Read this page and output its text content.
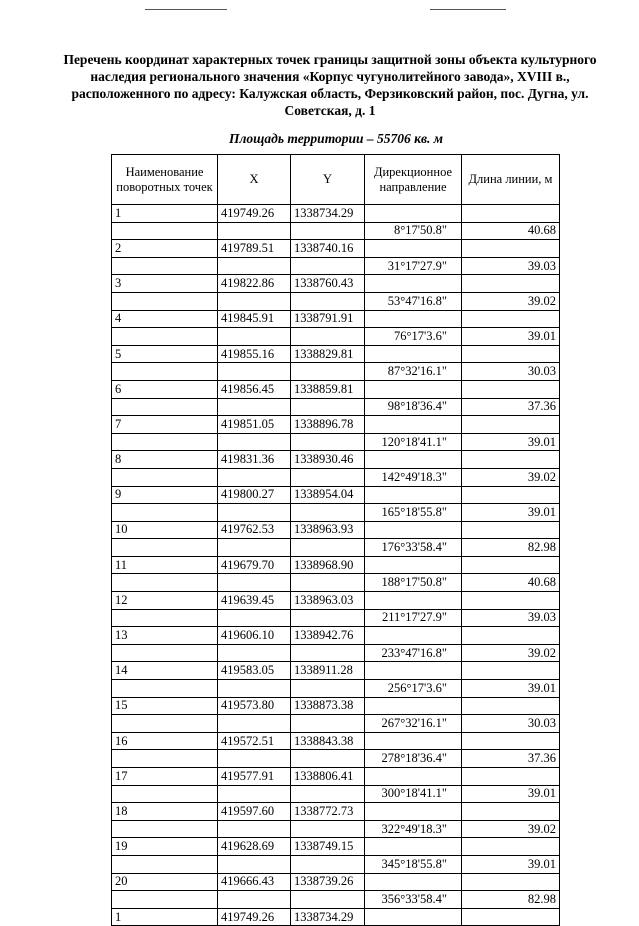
Перечень координат характерных точек границы защитной зоны объекта культурного наследия регионального значения «Корпус чугунолитейного завода», XVIII в., расположенного по адресу: Калужская область, Ферзиковский район, пос. Дугна, ул. Советская, д. 1
Площадь территории – 55706 кв. м
Наименование поворотных точек	X	Y	Дирекционное направление	Длина линии, м
1	419749.26	1338734.29		
			8°17'50.8"	40.68
2	419789.51	1338740.16		
			31°17'27.9"	39.03
3	419822.86	1338760.43		
			53°47'16.8"	39.02
4	419845.91	1338791.91		
			76°17'3.6"	39.01
5	419855.16	1338829.81		
			87°32'16.1"	30.03
6	419856.45	1338859.81		
			98°18'36.4"	37.36
7	419851.05	1338896.78		
			120°18'41.1"	39.01
8	419831.36	1338930.46		
			142°49'18.3"	39.02
9	419800.27	1338954.04		
			165°18'55.8"	39.01
10	419762.53	1338963.93		
			176°33'58.4"	82.98
11	419679.70	1338968.90		
			188°17'50.8"	40.68
12	419639.45	1338963.03		
			211°17'27.9"	39.03
13	419606.10	1338942.76		
			233°47'16.8"	39.02
14	419583.05	1338911.28		
			256°17'3.6"	39.01
15	419573.80	1338873.38		
			267°32'16.1"	30.03
16	419572.51	1338843.38		
			278°18'36.4"	37.36
17	419577.91	1338806.41		
			300°18'41.1"	39.01
18	419597.60	1338772.73		
			322°49'18.3"	39.02
19	419628.69	1338749.15		
			345°18'55.8"	39.01
20	419666.43	1338739.26		
			356°33'58.4"	82.98
1	419749.26	1338734.29		
